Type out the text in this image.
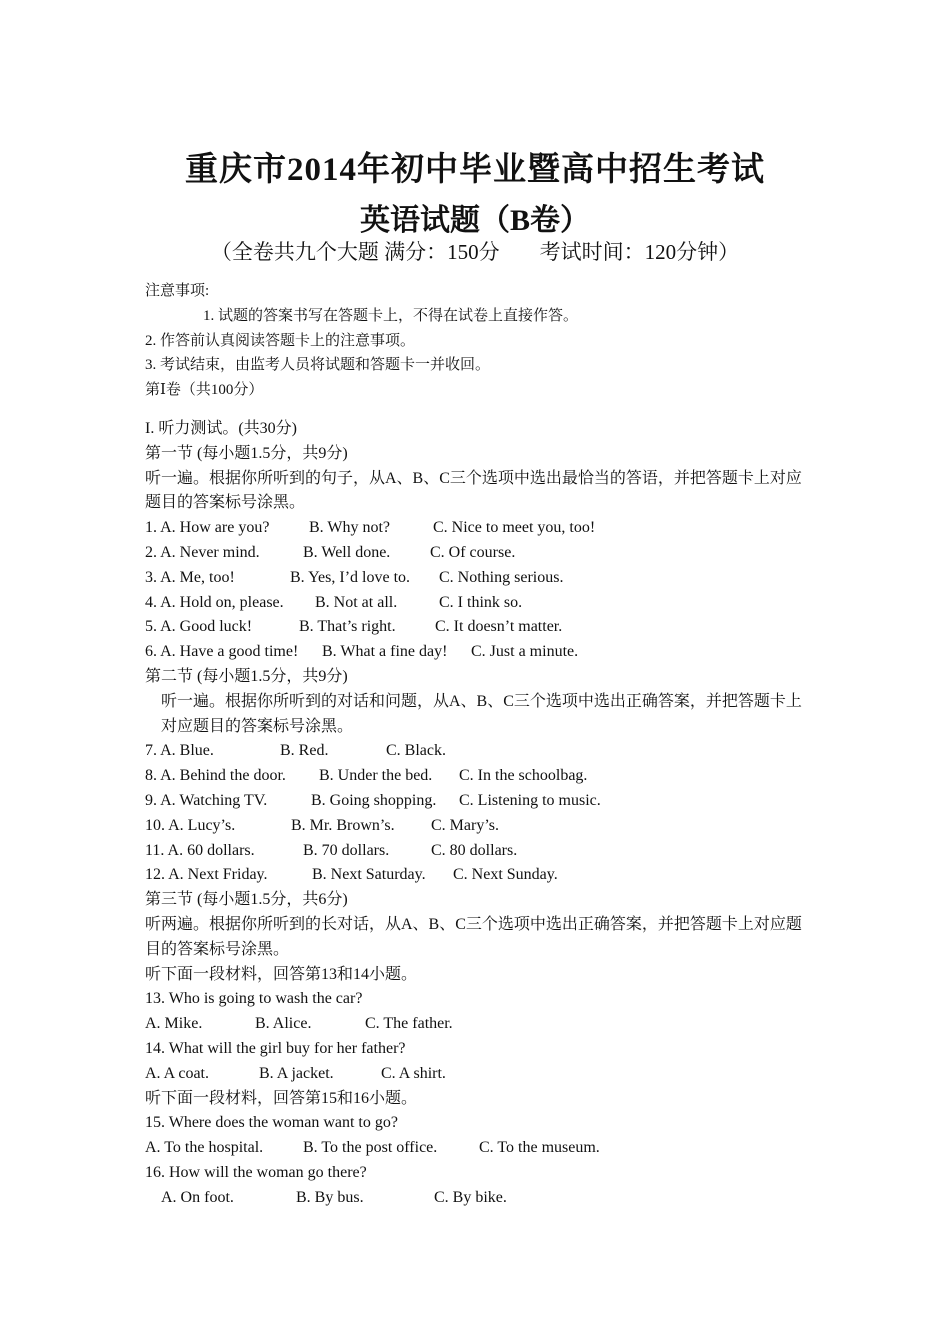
重庆市2014年初中毕业暨高中招生考试
英语试题（B卷）
（全卷共九个大题 满分：150分 考试时间：120分钟）
注意事项:
1. 试题的答案书写在答题卡上，不得在试卷上直接作答。
2. 作答前认真阅读答题卡上的注意事项。
3. 考试结束，由监考人员将试题和答题卡一并收回。
第Ⅰ卷（共100分）
I. 听力测试。(共30分)
第一节 (每小题1.5分，共9分)
听一遍。根据你所听到的句子，从A、B、C三个选项中选出最恰当的答语，并把答题卡上对应题目的答案标号涂黑。
1. A. How are you? B. Why not?	C. Nice to meet you, too!
2. A. Never mind.	B. Well done. C. Of course.
3. A. Me, too!	B. Yes, I’d love to. C. Nothing serious.
4. A. Hold on, please. B. Not at all.	C. I think so.
5. A. Good luck!	B. That’s right. C. It doesn’t matter.
6. A. Have a good time! B. What a fine day! C. Just a minute.
第二节 (每小题1.5分，共9分)
听一遍。根据你所听到的对话和问题，从A、B、C三个选项中选出正确答案，并把答题卡上对应题目的答案标号涂黑。
7. A. Blue.	B. Red.	C. Black.
8. A. Behind the door. B. Under the bed. C. In the schoolbag.
9. A. Watching TV.	B. Going shopping. C. Listening to music.
10. A. Lucy’s.	B. Mr. Brown’s. C. Mary’s.
11. A. 60 dollars.	B. 70 dollars.	C. 80 dollars.
12. A. Next Friday.	B. Next Saturday. C. Next Sunday.
第三节 (每小题1.5分，共6分)
听两遍。根据你所听到的长对话，从A、B、C三个选项中选出正确答案，并把答题卡上对应题目的答案标号涂黑。
听下面一段材料，回答第13和14小题。
13. Who is going to wash the car?
A. Mike.	B. Alice.	C. The father.
14. What will the girl buy for her father?
A. A coat.	B. A jacket.	C. A shirt.
听下面一段材料，回答第15和16小题。
15. Where does the woman want to go?
A. To the hospital. B. To the post office.	C. To the museum.
16. How will the woman go there?
A. On foot.	B. By bus.	C. By bike.
